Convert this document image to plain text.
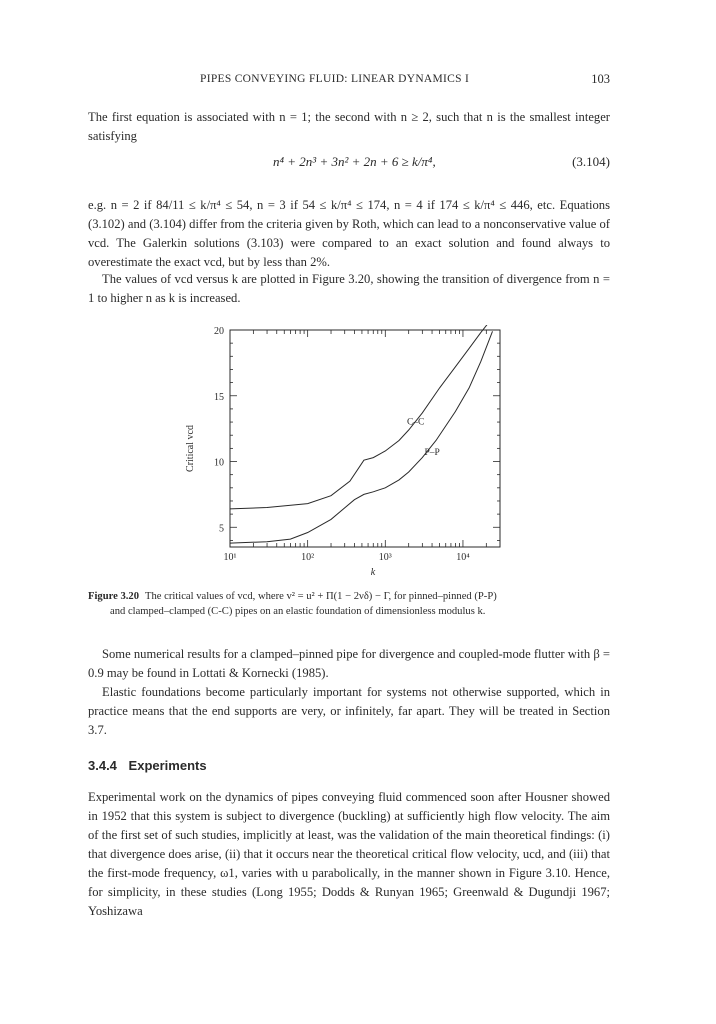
PIPES CONVEYING FLUID: LINEAR DYNAMICS I	103
The first equation is associated with n = 1; the second with n ≥ 2, such that n is the smallest integer satisfying
n⁴ + 2n³ + 3n² + 2n + 6 ≥ k/π⁴,	(3.104)
e.g. n = 2 if 84/11 ≤ k/π⁴ ≤ 54, n = 3 if 54 ≤ k/π⁴ ≤ 174, n = 4 if 174 ≤ k/π⁴ ≤ 446, etc. Equations (3.102) and (3.104) differ from the criteria given by Roth, which can lead to a nonconservative value of vcd. The Galerkin solutions (3.103) were compared to an exact solution and found always to overestimate the exact vcd, but by less than 2%.
The values of vcd versus k are plotted in Figure 3.20, showing the transition of divergence from n = 1 to higher n as k is increased.
10¹	10²	10³	10⁴
5
10
15
20
k
Critical vcd
C–C
P–P
Figure 3.20 The critical values of vcd, where v² = u² + Π(1 − 2νδ) − Γ, for pinned–pinned (P-P)
and clamped–clamped (C-C) pipes on an elastic foundation of dimensionless modulus k.
Some numerical results for a clamped–pinned pipe for divergence and coupled-mode flutter with β = 0.9 may be found in Lottati & Kornecki (1985).
Elastic foundations become particularly important for systems not otherwise supported, which in practice means that the end supports are very, or infinitely, far apart. They will be treated in Section 3.7.
3.4.4 Experiments
Experimental work on the dynamics of pipes conveying fluid commenced soon after Housner showed in 1952 that this system is subject to divergence (buckling) at sufficiently high flow velocity. The aim of the first set of such studies, implicitly at least, was the validation of the main theoretical findings: (i) that divergence does arise, (ii) that it occurs near the theoretical critical flow velocity, ucd, and (iii) that the first-mode frequency, ω1, varies with u parabolically, in the manner shown in Figure 3.10. Hence, for simplicity, in these studies (Long 1955; Dodds & Runyan 1965; Greenwald & Dugundji 1967; Yoshizawa
